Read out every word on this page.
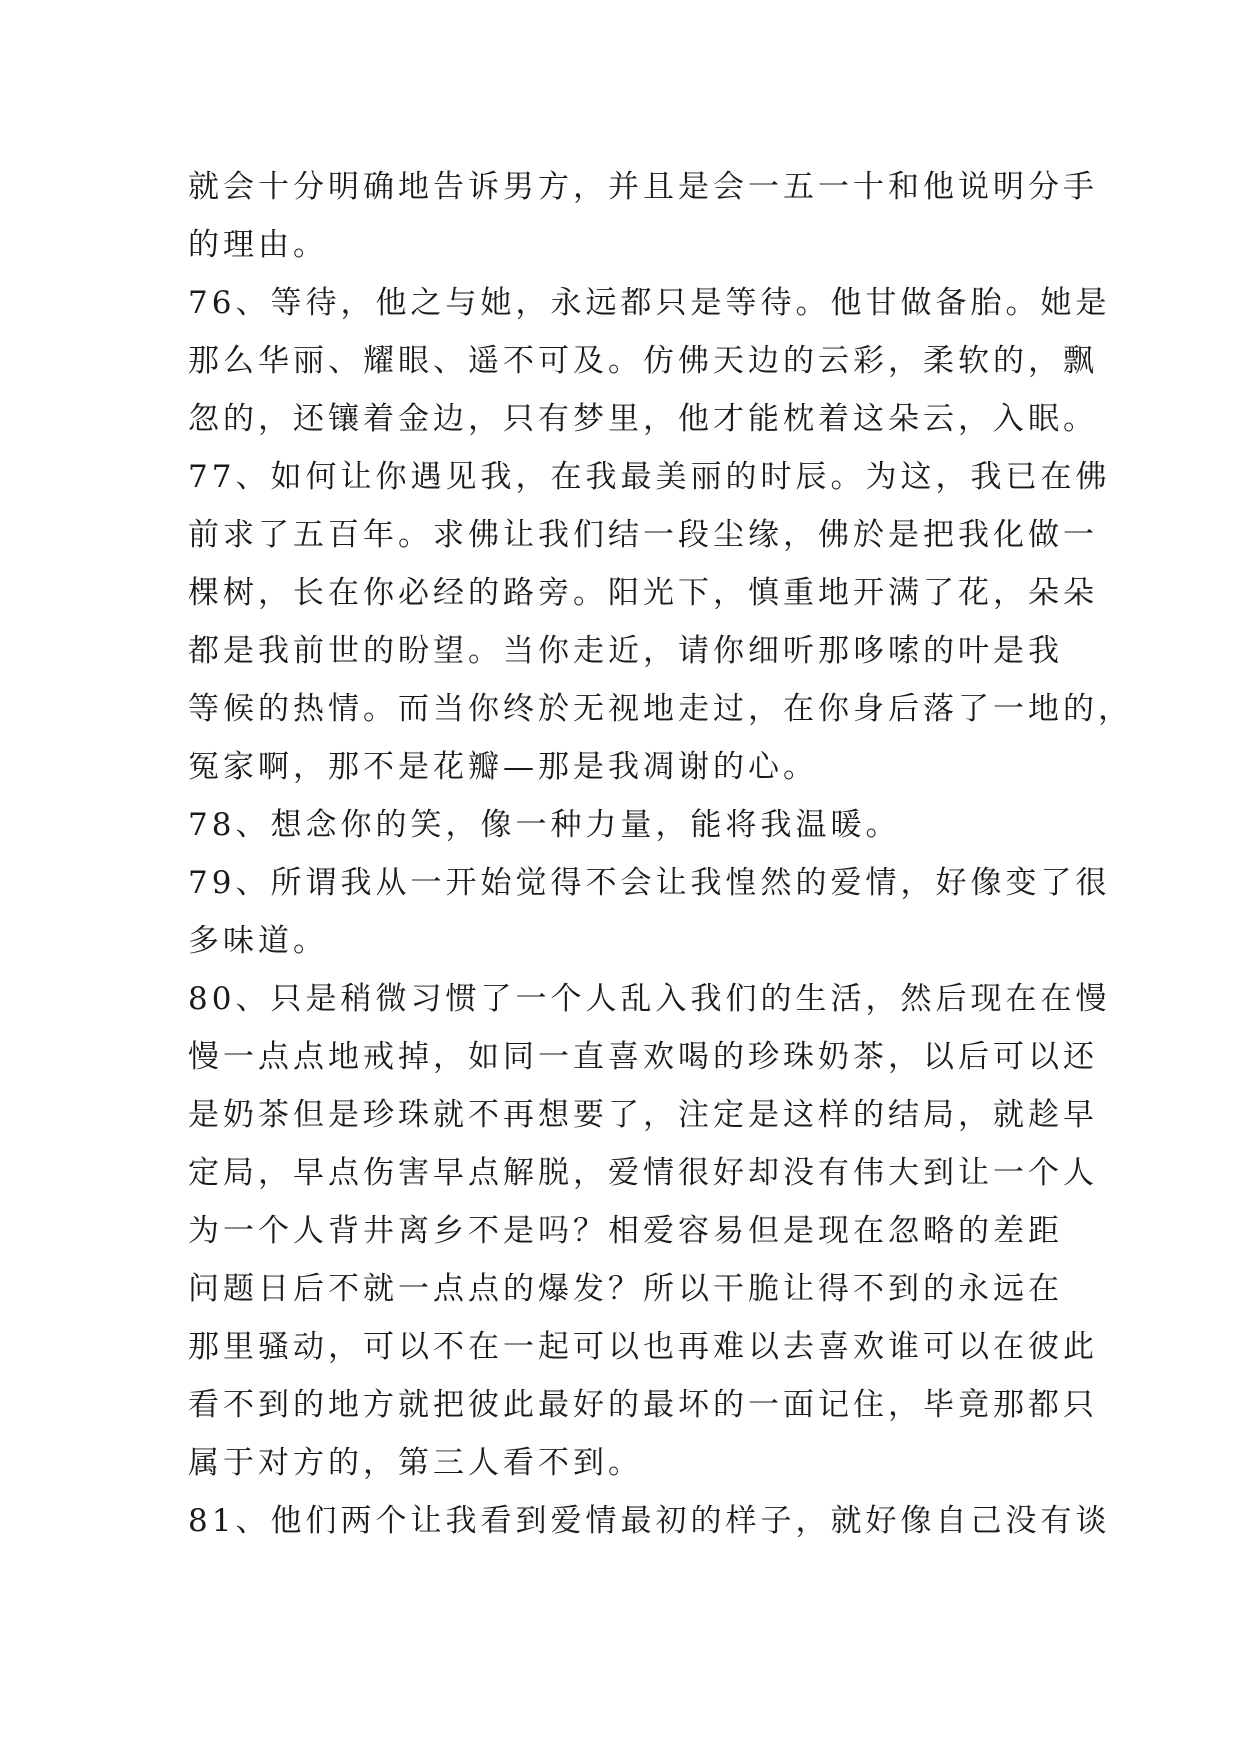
就会十分明确地告诉男方，并且是会一五一十和他说明分手
的理由。
76、等待，他之与她，永远都只是等待。他甘做备胎。她是
那么华丽、耀眼、遥不可及。仿佛天边的云彩，柔软的，飘
忽的，还镶着金边，只有梦里，他才能枕着这朵云，入眠。
77、如何让你遇见我，在我最美丽的时辰。为这，我已在佛
前求了五百年。求佛让我们结一段尘缘，佛於是把我化做一
棵树，长在你必经的路旁。阳光下，慎重地开满了花，朵朵
都是我前世的盼望。当你走近，请你细听那哆嗦的叶是我
等候的热情。而当你终於无视地走过，在你身后落了一地的，
冤家啊，那不是花瓣—那是我凋谢的心。
78、想念你的笑，像一种力量，能将我温暖。
79、所谓我从一开始觉得不会让我惶然的爱情，好像变了很
多味道。
80、只是稍微习惯了一个人乱入我们的生活，然后现在在慢
慢一点点地戒掉，如同一直喜欢喝的珍珠奶茶，以后可以还
是奶茶但是珍珠就不再想要了，注定是这样的结局，就趁早
定局，早点伤害早点解脱，爱情很好却没有伟大到让一个人
为一个人背井离乡不是吗？相爱容易但是现在忽略的差距
问题日后不就一点点的爆发？所以干脆让得不到的永远在
那里骚动，可以不在一起可以也再难以去喜欢谁可以在彼此
看不到的地方就把彼此最好的最坏的一面记住，毕竟那都只
属于对方的，第三人看不到。
81、他们两个让我看到爱情最初的样子，就好像自己没有谈
